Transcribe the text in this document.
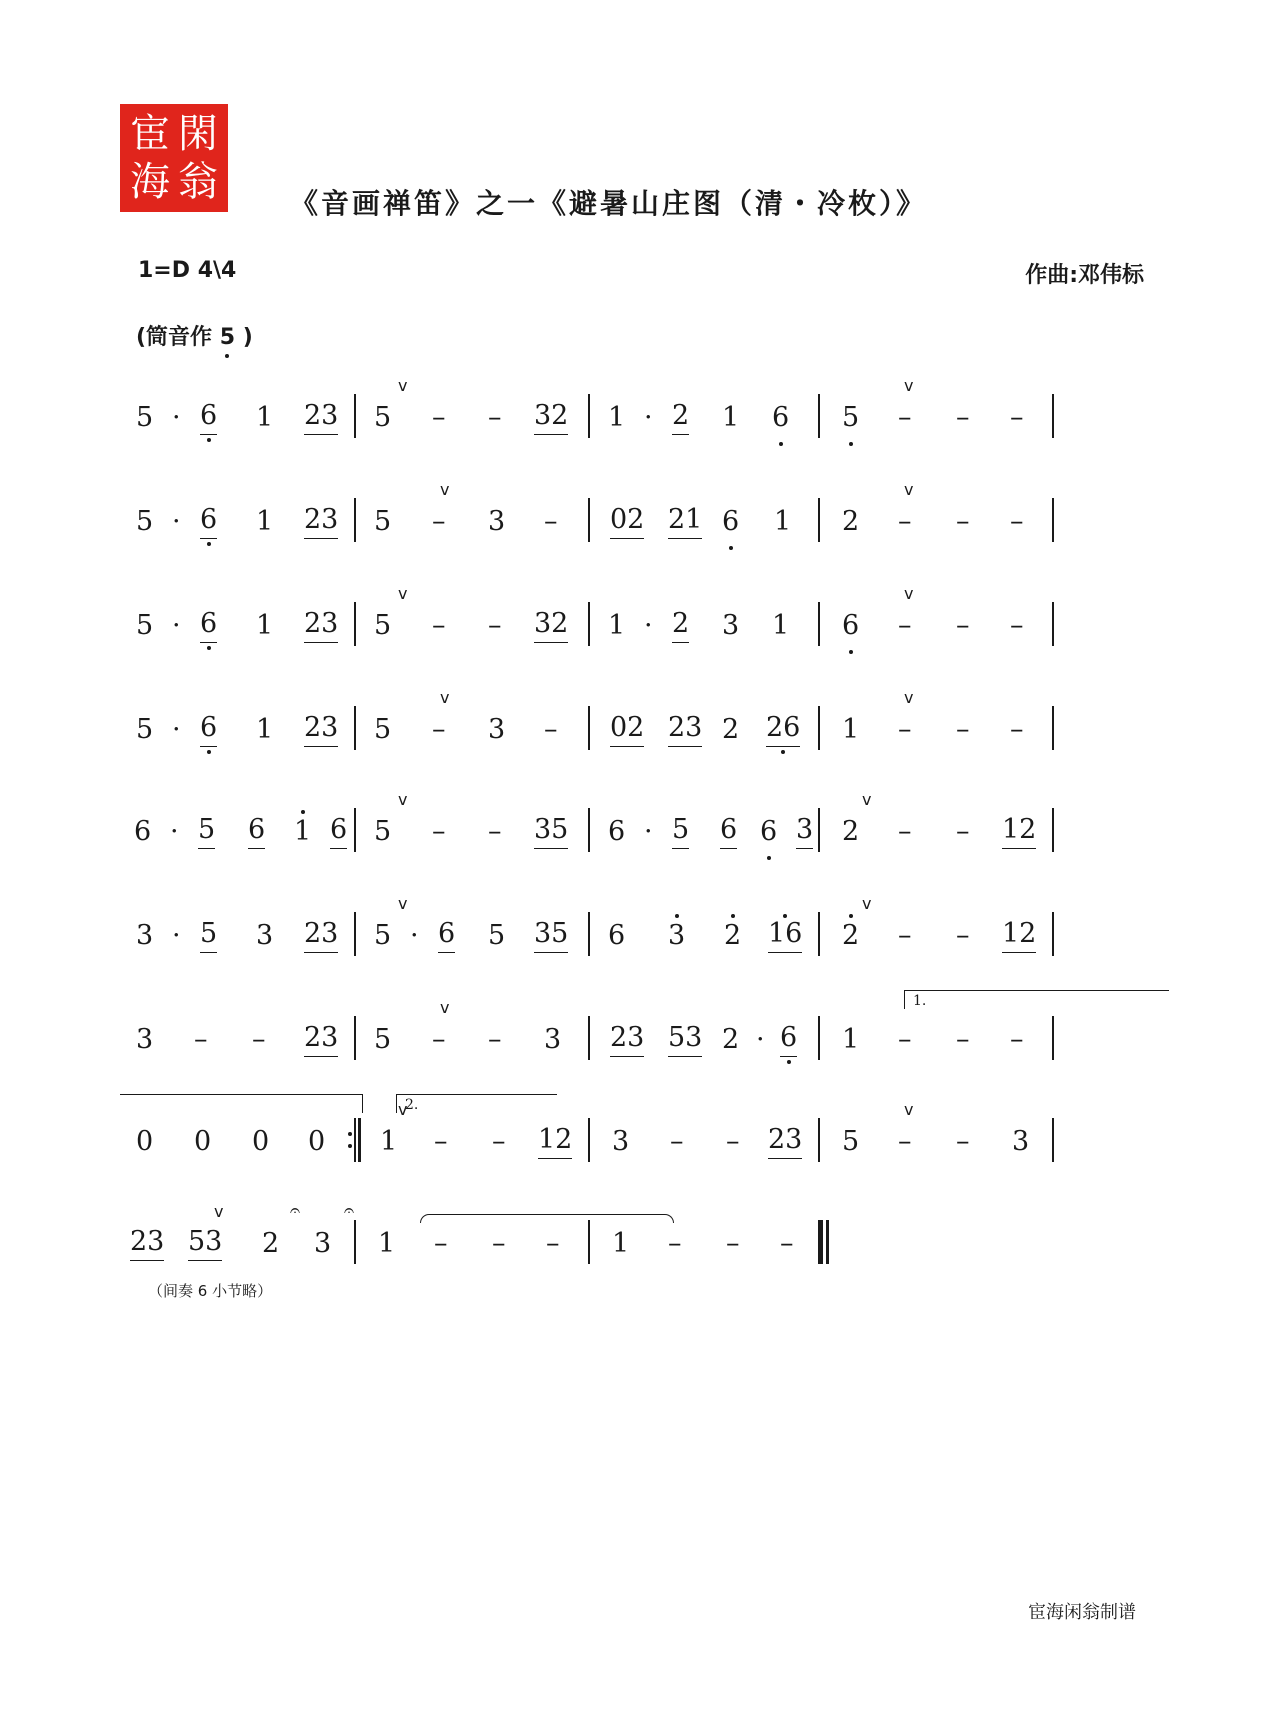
宦 閑
海 翁	《音画禅笛》之一《避暑山庄图（清・冷枚）》
1=D 4\4	作曲:邓伟标
(筒音作 5 )
5 · 6 1 23 5 – – 32 1 · 2 1 6 5 – – –
5 · 6 1 23 5 – 3 – 02 21 6 1 2 – – –
5 · 6 1 23 5 – – 32 1 · 2 3 1 6 – – –
5 · 6 1 23 5 – 3 – 02 23 2 26 1 – – –
6 · 5 6 1 6 5 – – 35 6 · 5 6 6 3 2 – – 12
3 · 5 3 23 5 · 6 5 35 6 3 2 16 2 – – 12
3 – – 23 5 – – 3 23 53 2 · 6 1 – – –
0 0 0 0 1 – – 12 3 – – 23 5 – – 3
23 53 2 3 1 – – – 1 – – –
v	v
v	v
v	v
v	v
v	v
v	v
v
v	v
v
1.
2.
𝄐 𝄐
（间奏 6 小节略）
宦海闲翁制谱
